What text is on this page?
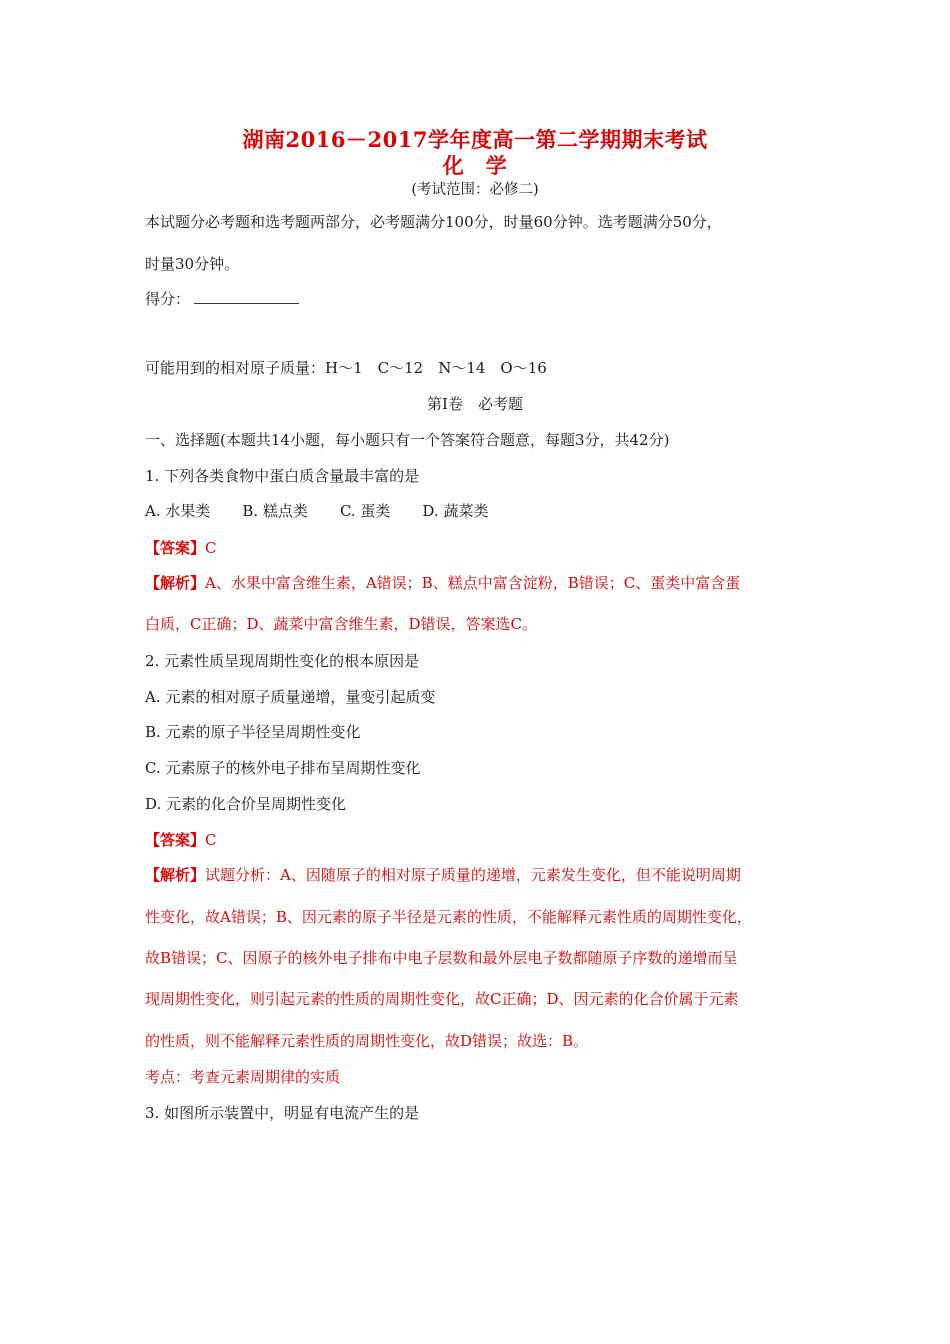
湖南2016－2017学年度高一第二学期期末考试
化　学
(考试范围：必修二)
本试题分必考题和选考题两部分，必考题满分100分，时量60分钟。选考题满分50分，
时量30分钟。
得分：
可能用到的相对原子质量：H～1　C～12　N～14　O～16
第Ⅰ卷　必考题
一、选择题(本题共14小题，每小题只有一个答案符合题意，每题3分，共42分)
1. 下列各类食物中蛋白质含量最丰富的是
A. 水果类 B. 糕点类 C. 蛋类 D. 蔬菜类
【答案】C
【解析】A、水果中富含维生素，A错误；B、糕点中富含淀粉，B错误；C、蛋类中富含蛋
白质，C正确；D、蔬菜中富含维生素，D错误，答案选C。
2. 元素性质呈现周期性变化的根本原因是
A. 元素的相对原子质量递增，量变引起质变
B. 元素的原子半径呈周期性变化
C. 元素原子的核外电子排布呈周期性变化
D. 元素的化合价呈周期性变化
【答案】C
【解析】试题分析：A、因随原子的相对原子质量的递增，元素发生变化，但不能说明周期
性变化，故A错误；B、因元素的原子半径是元素的性质，不能解释元素性质的周期性变化，
故B错误；C、因原子的核外电子排布中电子层数和最外层电子数都随原子序数的递增而呈
现周期性变化，则引起元素的性质的周期性变化，故C正确；D、因元素的化合价属于元素
的性质，则不能解释元素性质的周期性变化，故D错误；故选：B。
考点：考查元素周期律的实质
3. 如图所示装置中，明显有电流产生的是
